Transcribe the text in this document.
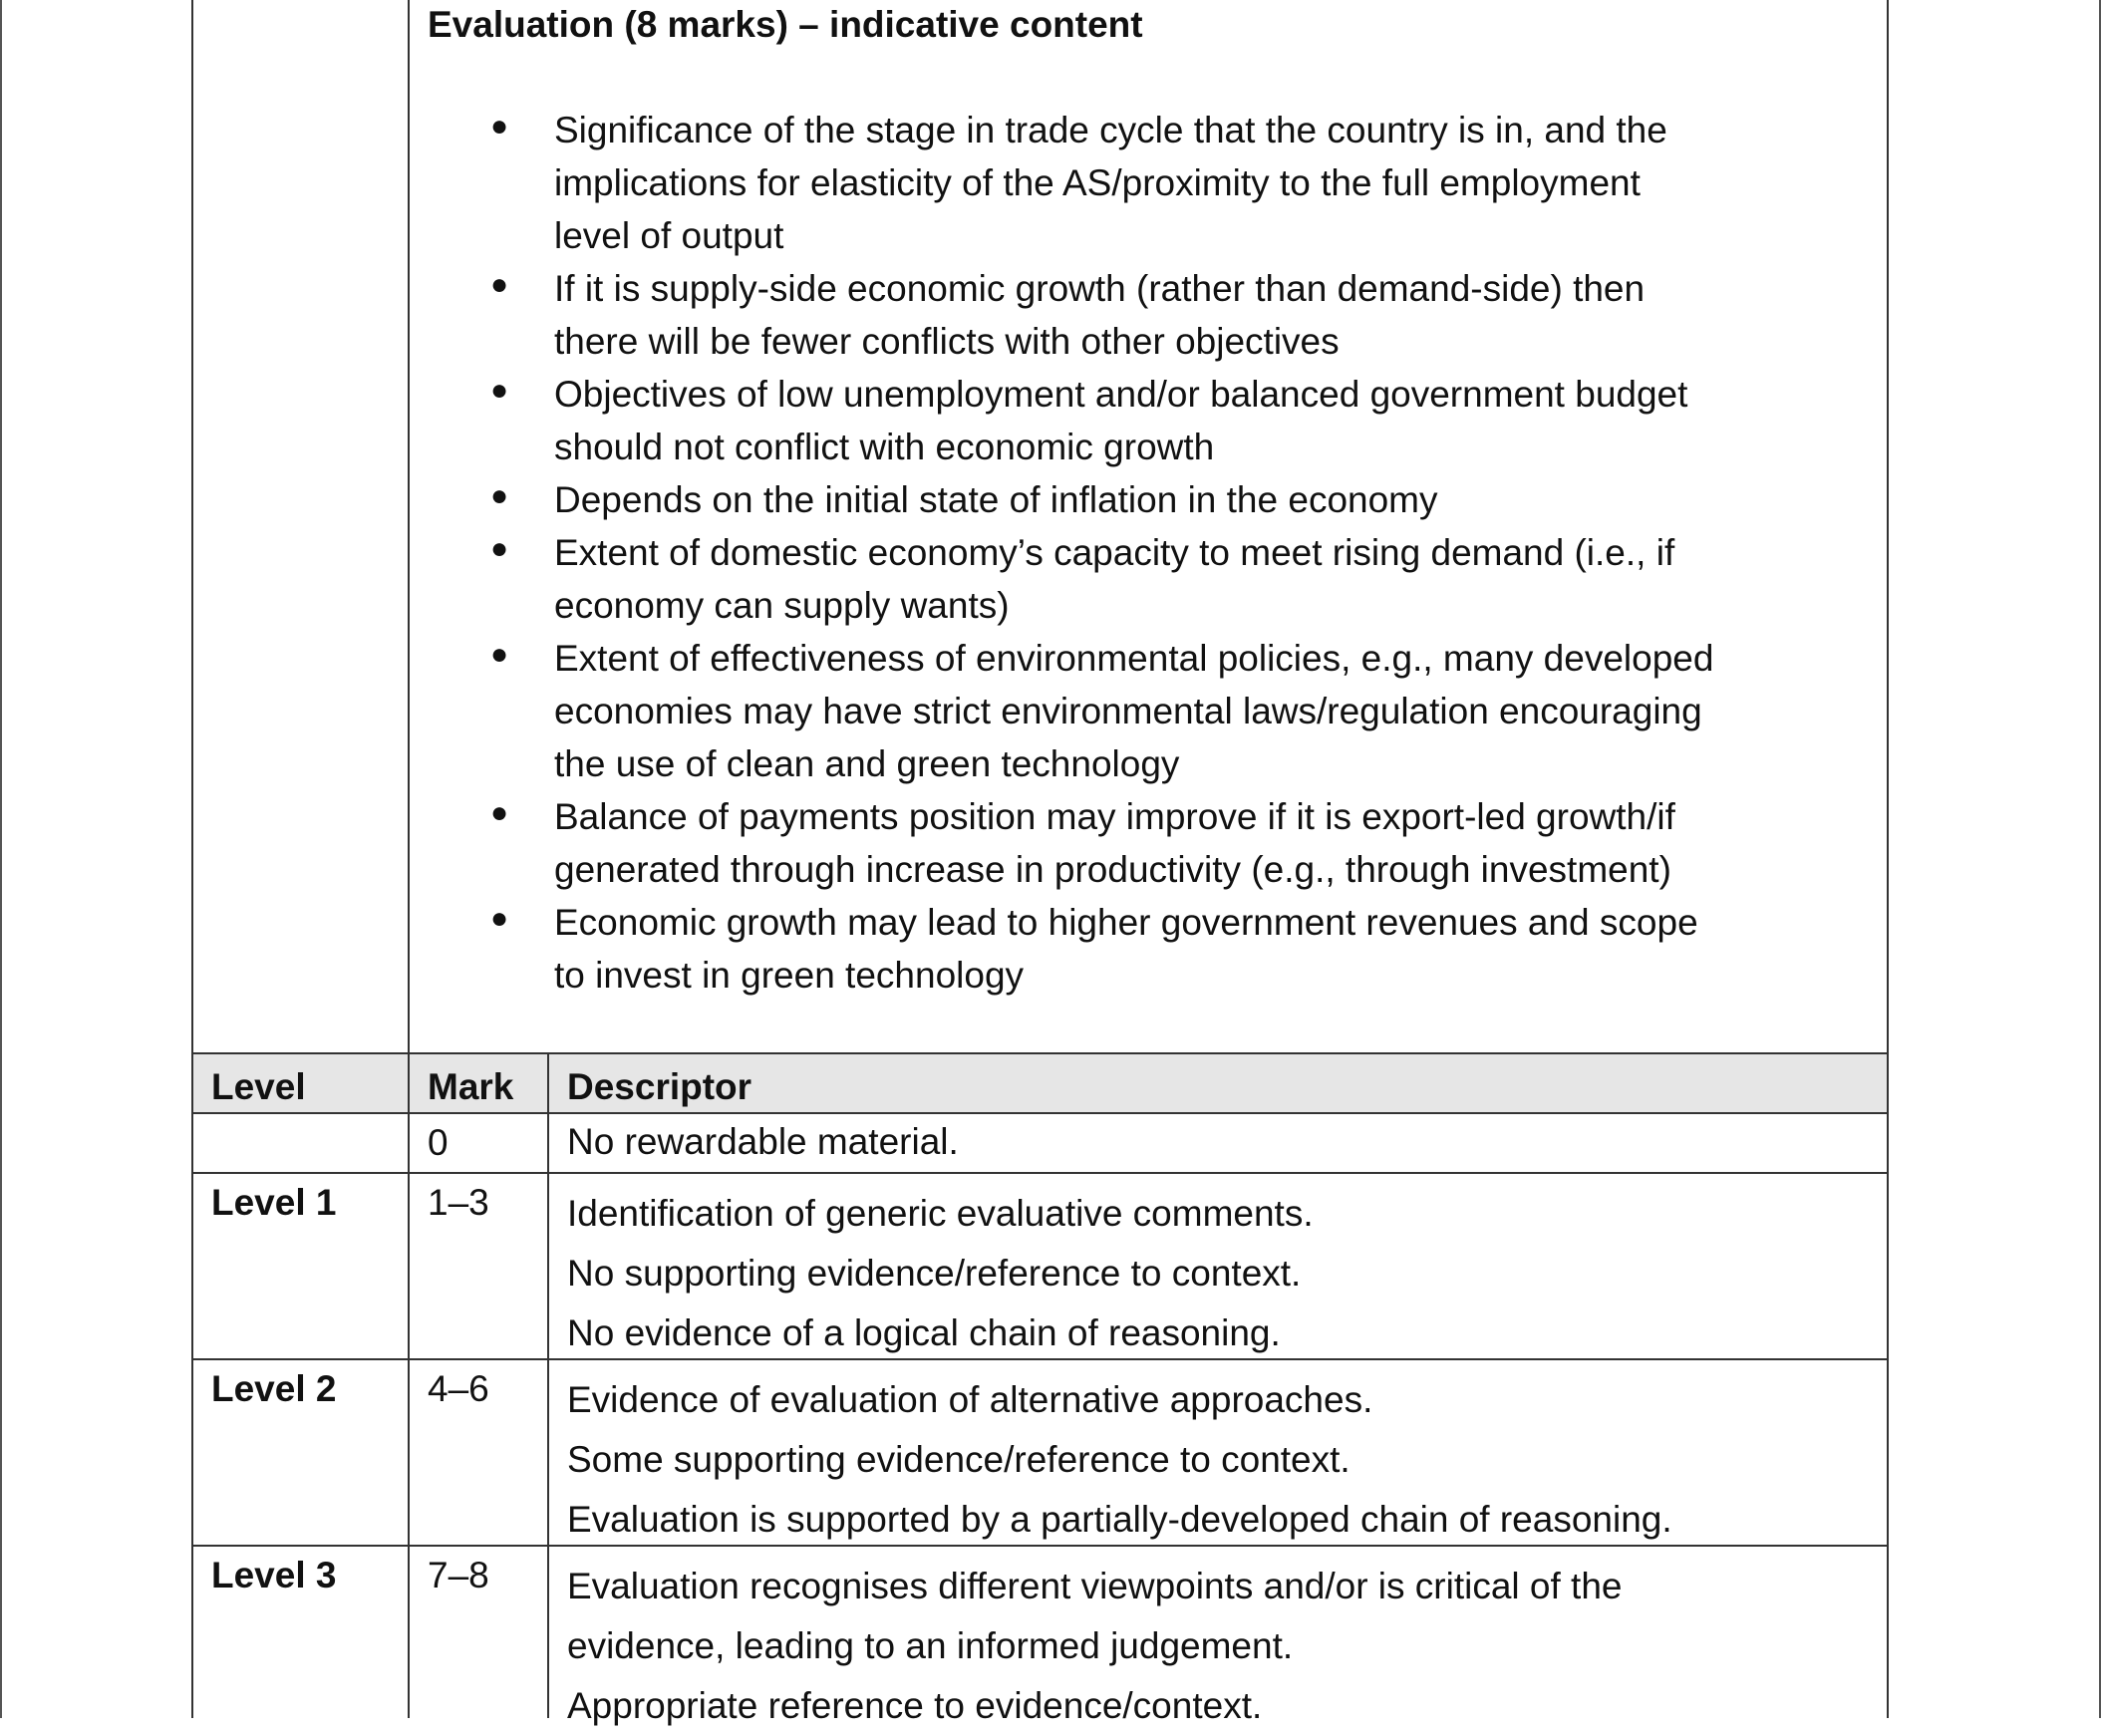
Evaluation (8 marks) – indicative content
● Significance of the stage in trade cycle that the country is in, and the
implications for elasticity of the AS/proximity to the full employment
level of output
● If it is supply-side economic growth (rather than demand-side) then
there will be fewer conflicts with other objectives
● Objectives of low unemployment and/or balanced government budget
should not conflict with economic growth
● Depends on the initial state of inflation in the economy
● Extent of domestic economy’s capacity to meet rising demand (i.e., if
economy can supply wants)
● Extent of effectiveness of environmental policies, e.g., many developed
economies may have strict environmental laws/regulation encouraging
the use of clean and green technology
● Balance of payments position may improve if it is export-led growth/if
generated through increase in productivity (e.g., through investment)
● Economic growth may lead to higher government revenues and scope
to invest in green technology
Level	Mark Descriptor
0	No rewardable material.
Level 1 1–3 Identification of generic evaluative comments.
No supporting evidence/reference to context.
No evidence of a logical chain of reasoning.
Level 2 4–6 Evidence of evaluation of alternative approaches.
Some supporting evidence/reference to context.
Evaluation is supported by a partially-developed chain of reasoning.
Level 3 7–8 Evaluation recognises different viewpoints and/or is critical of the
evidence, leading to an informed judgement.
Appropriate reference to evidence/context.
